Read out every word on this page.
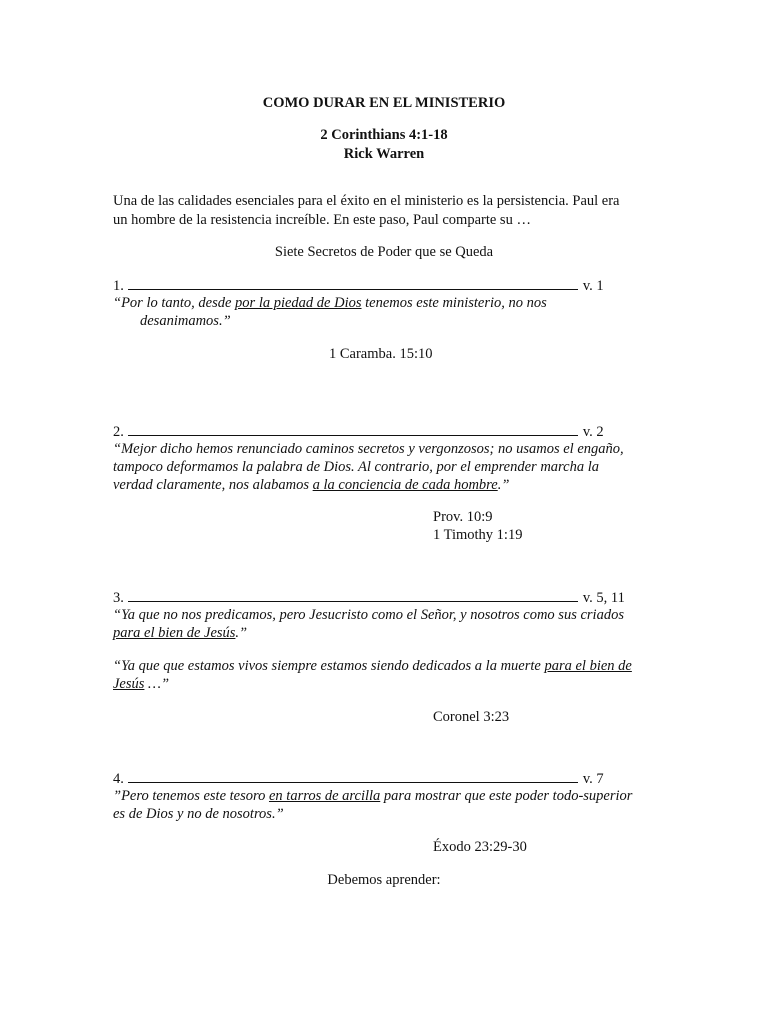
COMO DURAR EN EL MINISTERIO
2 Corinthians 4:1-18
Rick Warren
Una de las calidades esenciales para el éxito en el ministerio es la persistencia. Paul era
un hombre de la resistencia increíble. En este paso, Paul comparte su …
Siete Secretos de Poder que se Queda
1.	v. 1
“Por lo tanto, desde por la piedad de Dios tenemos este ministerio, no nos
desanimamos.”
1 Caramba. 15:10
2.	v. 2
“Mejor dicho hemos renunciado caminos secretos y vergonzosos; no usamos el engaño,
tampoco deformamos la palabra de Dios. Al contrario, por el emprender marcha la
verdad claramente, nos alabamos a la conciencia de cada hombre.”
Prov. 10:9
1 Timothy 1:19
3.	v. 5, 11
“Ya que no nos predicamos, pero Jesucristo como el Señor, y nosotros como sus criados
para el bien de Jesús.”
“Ya que que estamos vivos siempre estamos siendo dedicados a la muerte para el bien de
Jesús …”
Coronel 3:23
4.	v. 7
”Pero tenemos este tesoro en tarros de arcilla para mostrar que este poder todo-superior
es de Dios y no de nosotros.”
Éxodo 23:29-30
Debemos aprender:
